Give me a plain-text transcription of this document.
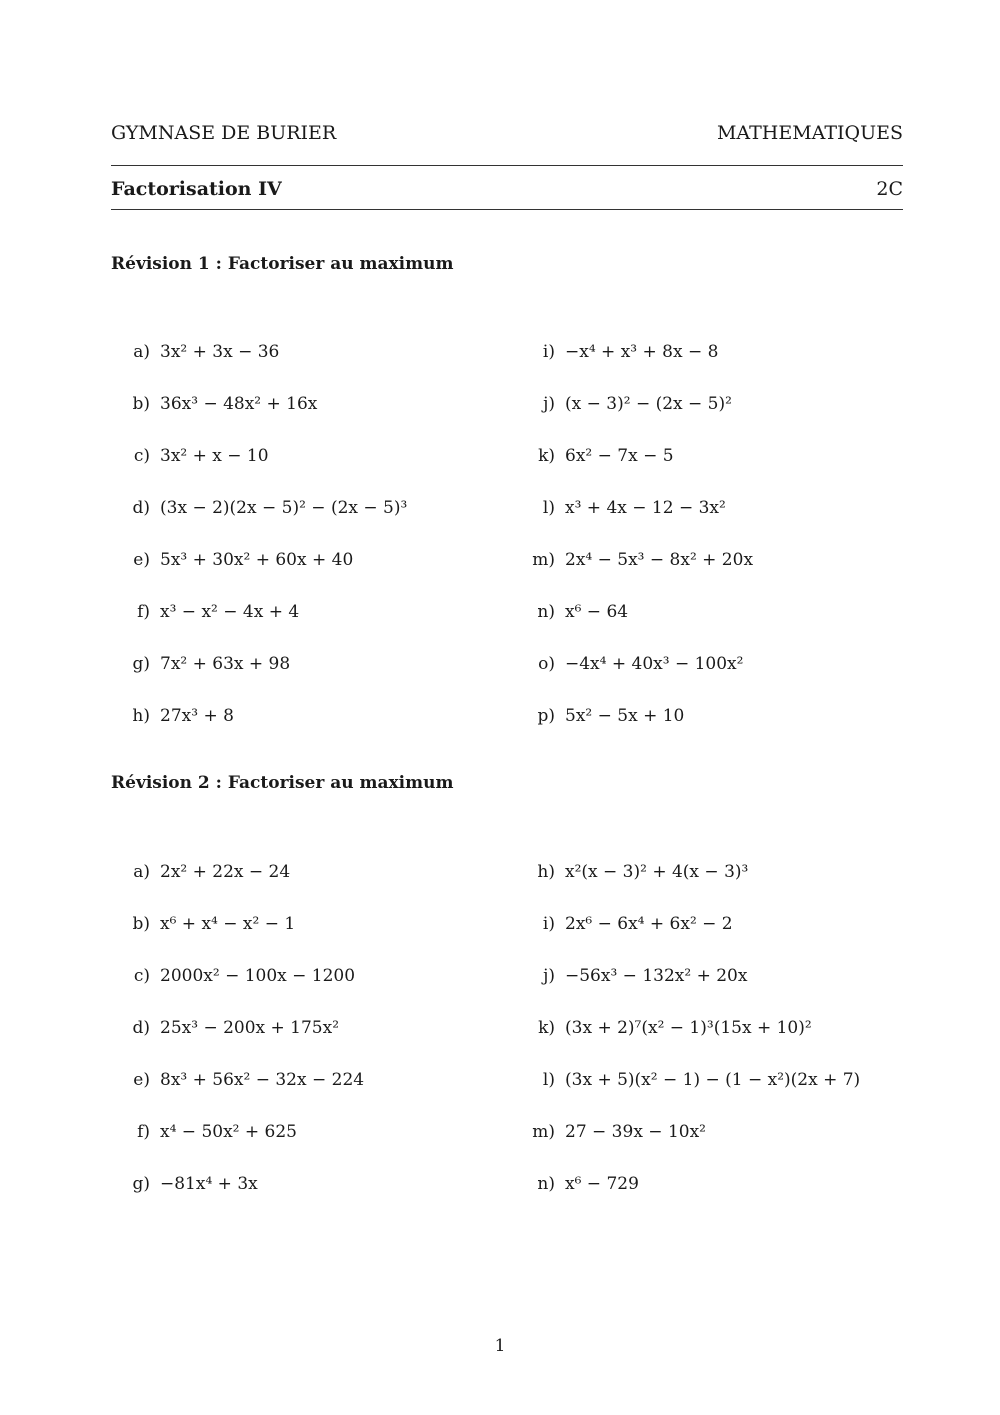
GYMNASE DE BURIER	MATHEMATIQUES
Factorisation IV	2C
Révision 1 : Factoriser au maximum
a) 3x² + 3x − 36
b) 36x³ − 48x² + 16x
c) 3x² + x − 10
d) (3x − 2)(2x − 5)² − (2x − 5)³
e) 5x³ + 30x² + 60x + 40
f) x³ − x² − 4x + 4
g) 7x² + 63x + 98
h) 27x³ + 8
i) −x⁴ + x³ + 8x − 8
j) (x − 3)² − (2x − 5)²
k) 6x² − 7x − 5
l) x³ + 4x − 12 − 3x²
m) 2x⁴ − 5x³ − 8x² + 20x
n) x⁶ − 64
o) −4x⁴ + 40x³ − 100x²
p) 5x² − 5x + 10
Révision 2 : Factoriser au maximum
a) 2x² + 22x − 24
b) x⁶ + x⁴ − x² − 1
c) 2000x² − 100x − 1200
d) 25x³ − 200x + 175x²
e) 8x³ + 56x² − 32x − 224
f) x⁴ − 50x² + 625
g) −81x⁴ + 3x
h) x²(x − 3)² + 4(x − 3)³
i) 2x⁶ − 6x⁴ + 6x² − 2
j) −56x³ − 132x² + 20x
k) (3x + 2)⁷(x² − 1)³(15x + 10)²
l) (3x + 5)(x² − 1) − (1 − x²)(2x + 7)
m) 27 − 39x − 10x²
n) x⁶ − 729
1
